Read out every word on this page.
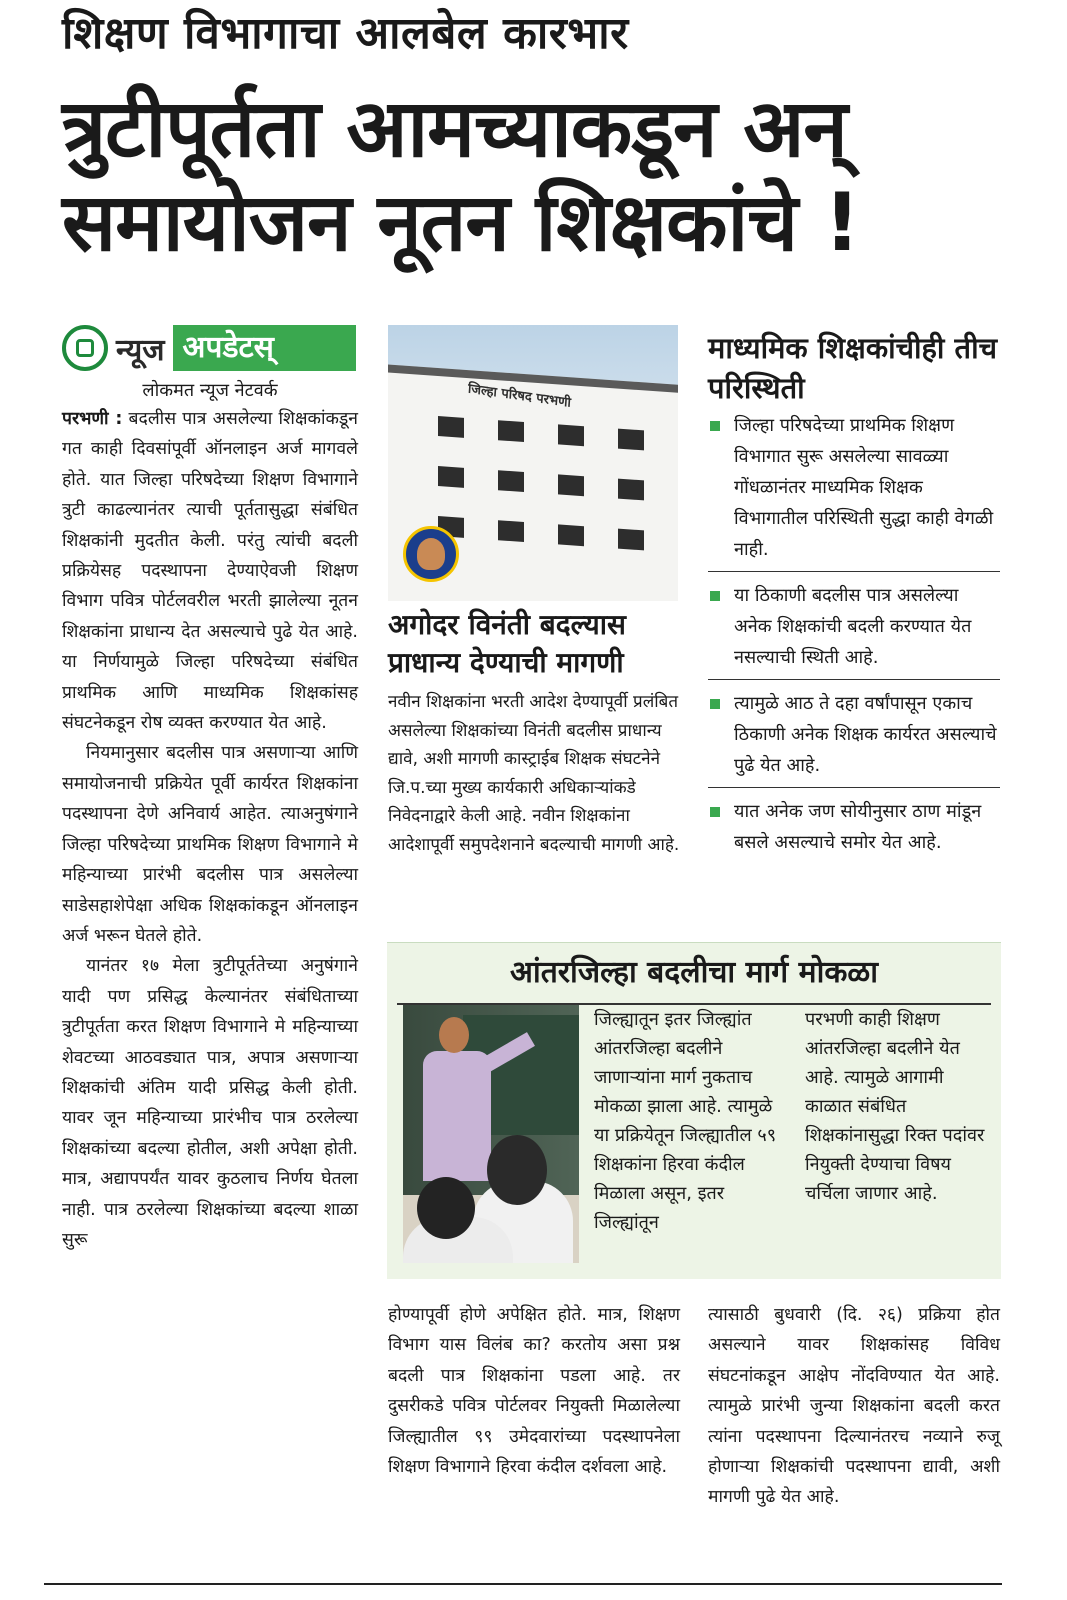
शिक्षण विभागाचा आलबेल कारभार
त्रुटीपूर्तता आमच्याकडून अन्
समायोजन नूतन शिक्षकांचे !
न्यूज अपडेटस्
लोकमत न्यूज नेटवर्क

परभणी : बदलीस पात्र असलेल्या शिक्षकांकडून गत काही दिवसांपूर्वी ऑनलाइन अर्ज मागवले होते. यात जिल्हा परिषदेच्या शिक्षण विभागाने त्रुटी काढल्यानंतर त्याची पूर्ततासुद्धा संबंधित शिक्षकांनी मुदतीत केली. परंतु त्यांची बदली प्रक्रियेसह पदस्थापना देण्याऐवजी शिक्षण विभाग पवित्र पोर्टलवरील भरती झालेल्या नूतन शिक्षकांना प्राधान्य देत असल्याचे पुढे येत आहे. या निर्णयामुळे जिल्हा परिषदेच्या संबंधित प्राथमिक आणि माध्यमिक शिक्षकांसह संघटनेकडून रोष व्यक्त करण्यात येत आहे.

नियमानुसार बदलीस पात्र असणाऱ्या आणि समायोजनाची प्रक्रियेत पूर्वी कार्यरत शिक्षकांना पदस्थापना देणे अनिवार्य आहेत. त्याअनुषंगाने जिल्हा परिषदेच्या प्राथमिक शिक्षण विभागाने मे महिन्याच्या प्रारंभी बदलीस पात्र असलेल्या साडेसहाशेपेक्षा अधिक शिक्षकांकडून ऑनलाइन अर्ज भरून घेतले होते.

यानंतर १७ मेला त्रुटीपूर्ततेच्या अनुषंगाने यादी पण प्रसिद्ध केल्यानंतर संबंधिताच्या त्रुटीपूर्तता करत शिक्षण विभागाने मे महिन्याच्या शेवटच्या आठवड्यात पात्र, अपात्र असणाऱ्या शिक्षकांची अंतिम यादी प्रसिद्ध केली होती. यावर जून महिन्याच्या प्रारंभीच पात्र ठरलेल्या शिक्षकांच्या बदल्या होतील, अशी अपेक्षा होती. मात्र, अद्यापपर्यंत यावर कुठलाच निर्णय घेतला नाही. पात्र ठरलेल्या शिक्षकांच्या बदल्या शाळा सुरू

जिल्हा परिषद परभणी
अगोदर विनंती बदल्यास प्राधान्य देण्याची मागणी
नवीन शिक्षकांना भरती आदेश देण्यापूर्वी प्रलंबित असलेल्या शिक्षकांच्या विनंती बदलीस प्राधान्य द्यावे, अशी मागणी कास्ट्राईब शिक्षक संघटनेने जि.प.च्या मुख्य कार्यकारी अधिकाऱ्यांकडे निवेदनाद्वारे केली आहे. नवीन शिक्षकांना आदेशापूर्वी समुपदेशनाने बदल्याची मागणी आहे.
माध्यमिक शिक्षकांचीही तीच परिस्थिती
जिल्हा परिषदेच्या प्राथमिक शिक्षण विभागात सुरू असलेल्या सावळ्या गोंधळानंतर माध्यमिक शिक्षक विभागातील परिस्थिती सुद्धा काही वेगळी नाही.
या ठिकाणी बदलीस पात्र असलेल्या अनेक शिक्षकांची बदली करण्यात येत नसल्याची स्थिती आहे.
त्यामुळे आठ ते दहा वर्षांपासून एकाच ठिकाणी अनेक शिक्षक कार्यरत असल्याचे पुढे येत आहे.
यात अनेक जण सोयीनुसार ठाण मांडून बसले असल्याचे समोर येत आहे.
आंतरजिल्हा बदलीचा मार्ग मोकळा
जिल्ह्यातून इतर जिल्ह्यांत आंतरजिल्हा बदलीने जाणाऱ्यांना मार्ग नुकताच मोकळा झाला आहे. त्यामुळे या प्रक्रियेतून जिल्ह्यातील ५९ शिक्षकांना हिरवा कंदील मिळाला असून, इतर जिल्ह्यांतून
परभणी काही शिक्षण आंतरजिल्हा बदलीने येत आहे. त्यामुळे आगामी काळात संबंधित शिक्षकांनासुद्धा रिक्त पदांवर नियुक्ती देण्याचा विषय चर्चिला जाणार आहे.
होण्यापूर्वी होणे अपेक्षित होते. मात्र, शिक्षण विभाग यास विलंब का? करतोय असा प्रश्न बदली पात्र शिक्षकांना पडला आहे. तर दुसरीकडे पवित्र पोर्टलवर नियुक्ती मिळालेल्या जिल्ह्यातील ९९ उमेदवारांच्या पदस्थापनेला शिक्षण विभागाने हिरवा कंदील दर्शवला आहे.
त्यासाठी बुधवारी (दि. २६) प्रक्रिया होत असल्याने यावर शिक्षकांसह विविध संघटनांकडून आक्षेप नोंदविण्यात येत आहे. त्यामुळे प्रारंभी जुन्या शिक्षकांना बदली करत त्यांना पदस्थापना दिल्यानंतरच नव्याने रुजू होणाऱ्या शिक्षकांची पदस्थापना द्यावी, अशी मागणी पुढे येत आहे.
